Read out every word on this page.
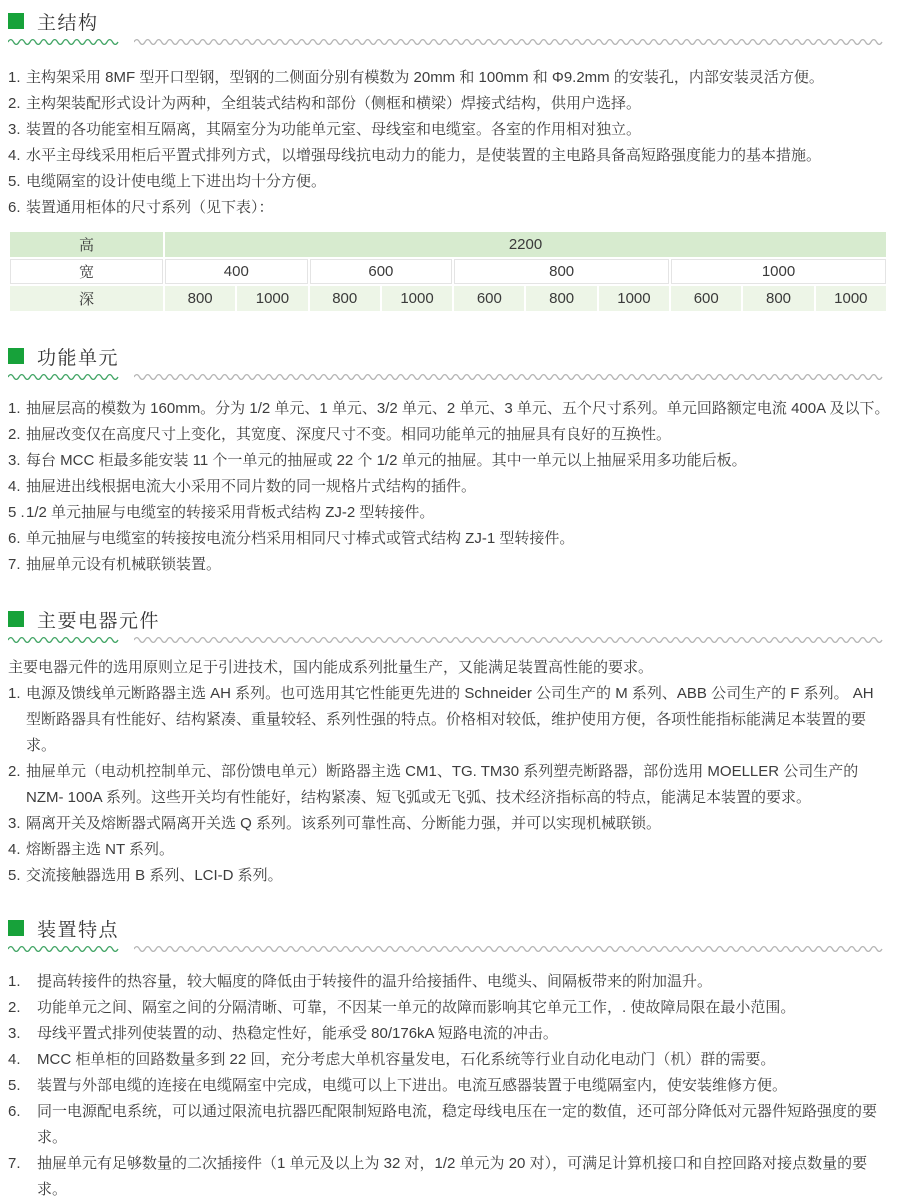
主结构
1. 主构架采用 8MF 型开口型钢，型钢的二侧面分别有模数为 20mm 和 100mm 和 Φ9.2mm 的安装孔，内部安装灵活方便。
2. 主构架装配形式设计为两种，全组装式结构和部份（侧框和横梁）焊接式结构，供用户选择。
3. 装置的各功能室相互隔离，其隔室分为功能单元室、母线室和电缆室。各室的作用相对独立。
4. 水平主母线采用柜后平置式排列方式，以增强母线抗电动力的能力，是使装置的主电路具备高短路强度能力的基本措施。
5. 电缆隔室的设计使电缆上下进出均十分方便。
6. 装置通用柜体的尺寸系列（见下表）：
高	2200									
宽	400		600		800			1000		
深	800	1000	800	1000	600	800	1000	600	800	1000
功能单元
1. 抽屉层高的模数为 160mm。分为 1/2 单元、1 单元、3/2 单元、2 单元、3 单元、五个尺寸系列。单元回路额定电流 400A 及以下。
2. 抽屉改变仅在高度尺寸上变化，其宽度、深度尺寸不变。相同功能单元的抽屉具有良好的互换性。
3. 每台 MCC 柜最多能安装 11 个一单元的抽屉或 22 个 1/2 单元的抽屉。其中一单元以上抽屉采用多功能后板。
4. 抽屉进出线根据电流大小采用不同片数的同一规格片式结构的插件。
5 .1/2 单元抽屉与电缆室的转接采用背板式结构 ZJ-2 型转接件。
6. 单元抽屉与电缆室的转接按电流分档采用相同尺寸棒式或管式结构 ZJ-1 型转接件。
7. 抽屉单元设有机械联锁装置。
主要电器元件
主要电器元件的选用原则立足于引进技术，国内能成系列批量生产，又能满足装置高性能的要求。
1. 电源及馈线单元断路器主选 AH 系列。也可选用其它性能更先进的 Schneider 公司生产的 M 系列、ABB 公司生产的 F 系列。 AH 型断路器具有性能好、结构紧凑、重量较轻、系列性强的特点。价格相对较低，维护使用方便，各项性能指标能满足本装置的要求。
2. 抽屉单元（电动机控制单元、部份馈电单元）断路器主选 CM1、TG. TM30 系列塑壳断路器，部份选用 MOELLER 公司生产的 NZM- 100A 系列。这些开关均有性能好，结构紧凑、短飞弧或无飞弧、技术经济指标高的特点，能满足本装置的要求。
3. 隔离开关及熔断器式隔离开关选 Q 系列。该系列可靠性高、分断能力强，并可以实现机械联锁。
4. 熔断器主选 NT 系列。
5. 交流接触器选用 B 系列、LCI-D 系列。
装置特点
1. 提高转接件的热容量，较大幅度的降低由于转接件的温升给接插件、电缆头、间隔板带来的附加温升。
2. 功能单元之间、隔室之间的分隔清晰、可靠，不因某一单元的故障而影响其它单元工作，. 使故障局限在最小范围。
3. 母线平置式排列使装置的动、热稳定性好，能承受 80/176kA 短路电流的冲击。
4. MCC 柜单柜的回路数量多到 22 回，充分考虑大单机容量发电，石化系统等行业自动化电动门（机）群的需要。
5. 装置与外部电缆的连接在电缆隔室中完成，电缆可以上下进出。电流互感器装置于电缆隔室内，使安装维修方便。
6. 同一电源配电系统，可以通过限流电抗器匹配限制短路电流，稳定母线电压在一定的数值，还可部分降低对元器件短路强度的要求。
7. 抽屉单元有足够数量的二次插接件（1 单元及以上为 32 对，1/2 单元为 20 对），可满足计算机接口和自控回路对接点数量的要求。
